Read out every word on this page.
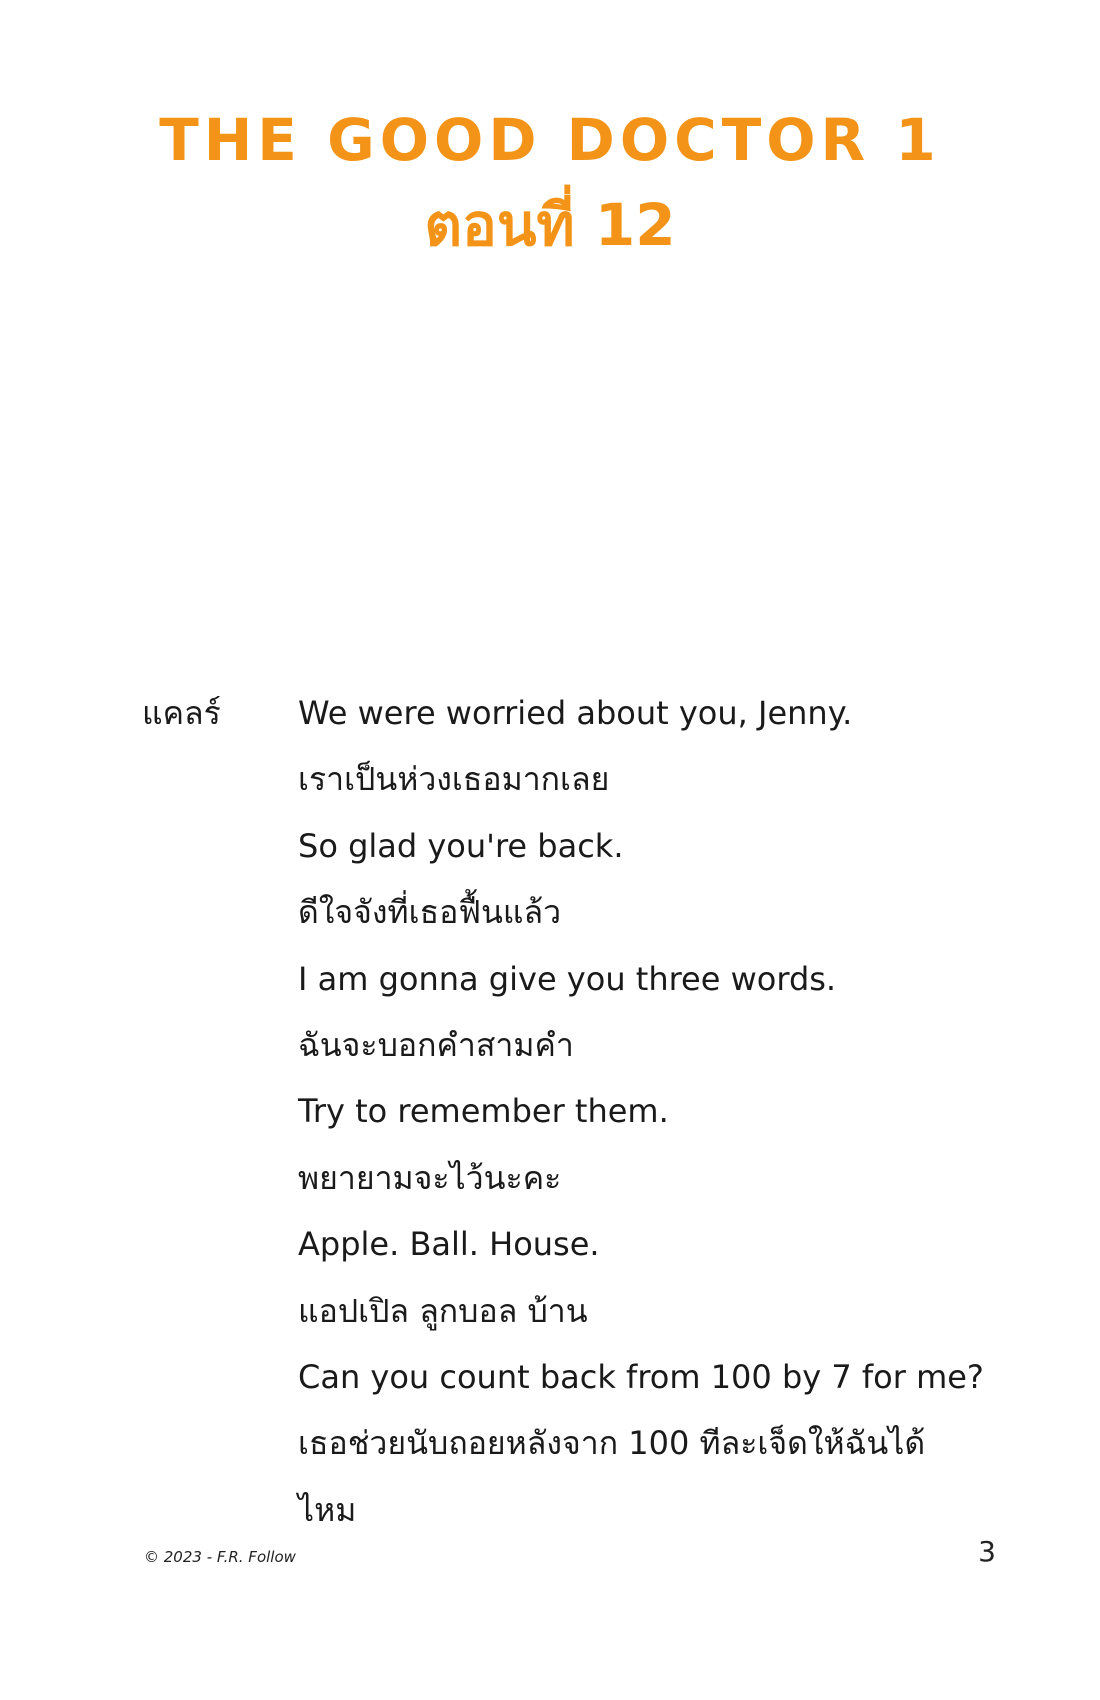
THE GOOD DOCTOR 1
ตอนที่ 12
แคลร์	We were worried about you, Jenny.
เราเป็นห่วงเธอมากเลย
So glad you're back.
ดีใจจังที่เธอฟื้นแล้ว
I am gonna give you three words.
ฉันจะบอกคำสามคำ
Try to remember them.
พยายามจะไว้นะคะ
Apple. Ball. House.
แอปเปิล ลูกบอล บ้าน
Can you count back from 100 by 7 for me?
เธอช่วยนับถอยหลังจาก 100 ทีละเจ็ดให้ฉันได้
ไหม
© 2023 - F.R. Follow	3
